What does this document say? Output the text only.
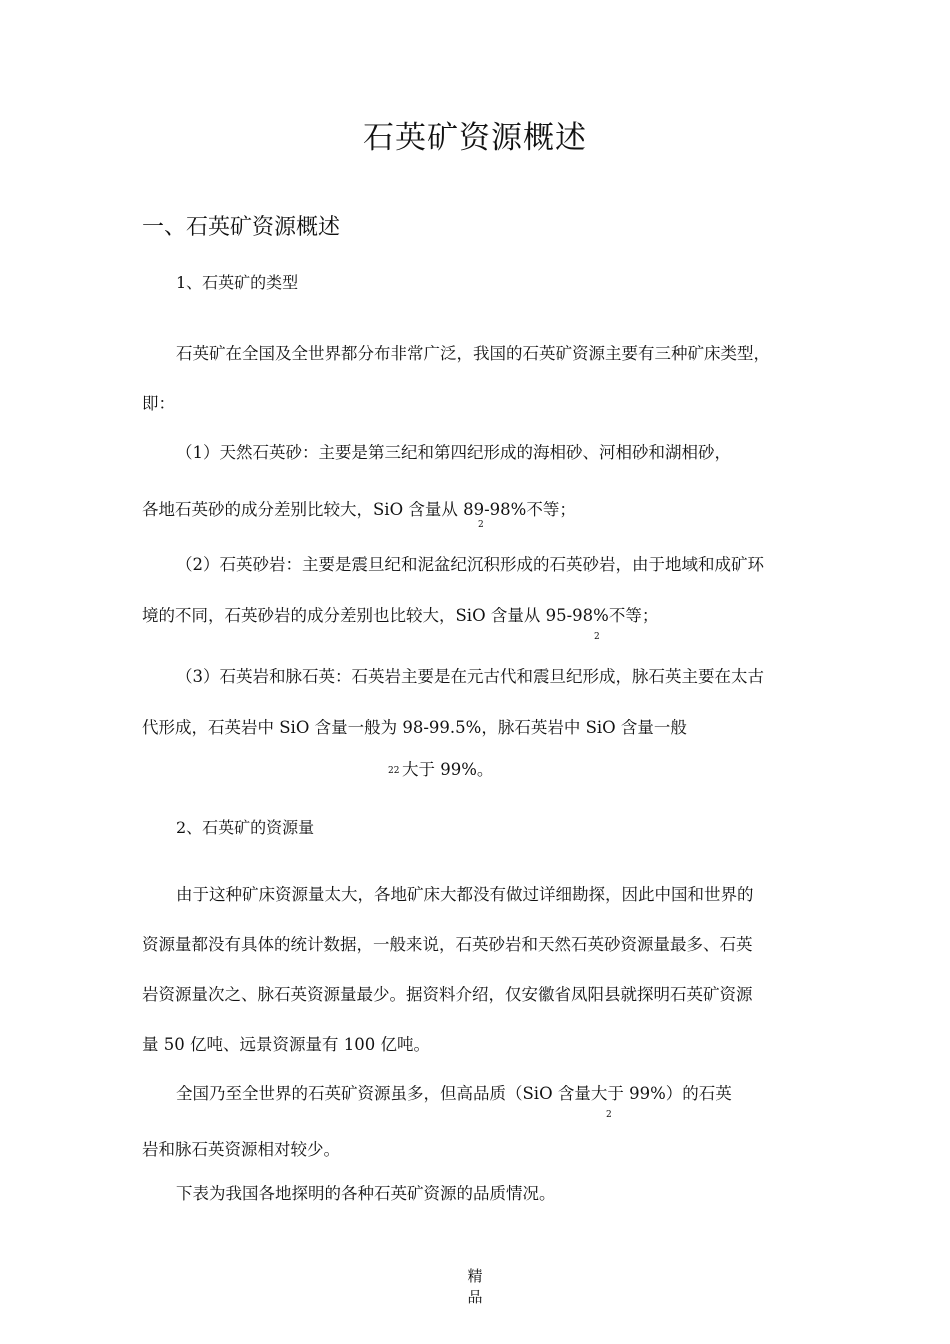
石英矿资源概述
一、石英矿资源概述
1、石英矿的类型
石英矿在全国及全世界都分布非常广泛，我国的石英矿资源主要有三种矿床类型，
即：
（1）天然石英砂：主要是第三纪和第四纪形成的海相砂、河相砂和湖相砂，
各地石英砂的成分差别比较大，SiO 含量从 89-98%不等；
2
（2）石英砂岩：主要是震旦纪和泥盆纪沉积形成的石英砂岩，由于地域和成矿环
境的不同，石英砂岩的成分差别也比较大，SiO 含量从 95-98%不等；
2
（3）石英岩和脉石英：石英岩主要是在元古代和震旦纪形成，脉石英主要在太古
代形成，石英岩中 SiO 含量一般为 98-99.5%，脉石英岩中 SiO 含量一般
22 大于 99%。
2、石英矿的资源量
由于这种矿床资源量太大，各地矿床大都没有做过详细勘探，因此中国和世界的
资源量都没有具体的统计数据，一般来说，石英砂岩和天然石英砂资源量最多、石英
岩资源量次之、脉石英资源量最少。据资料介绍，仅安徽省凤阳县就探明石英矿资源
量 50 亿吨、远景资源量有 100 亿吨。
全国乃至全世界的石英矿资源虽多，但高品质（SiO 含量大于 99%）的石英
2
岩和脉石英资源相对较少。
下表为我国各地探明的各种石英矿资源的品质情况。
精
品
